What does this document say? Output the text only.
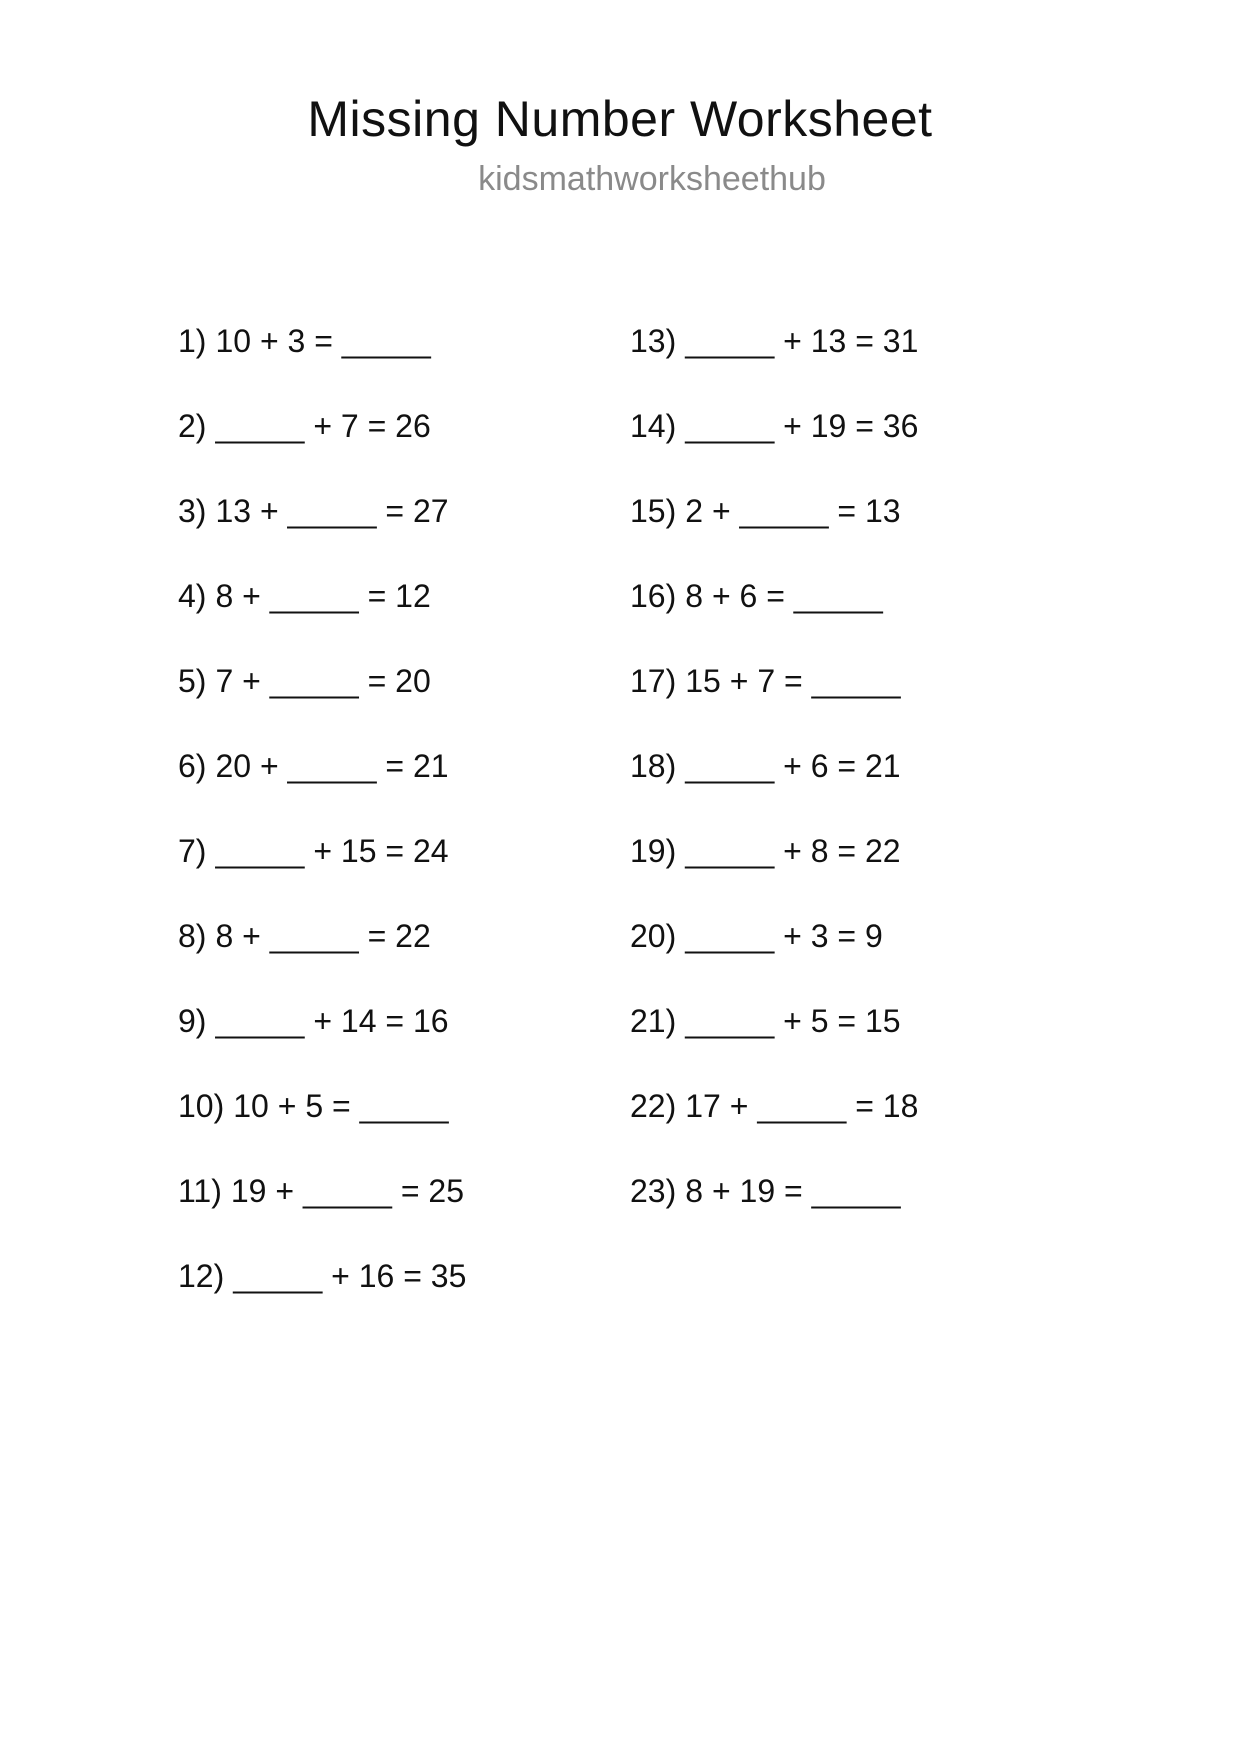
Missing Number Worksheet
kidsmathworksheethub
1) 10 + 3 = _____
2) _____ + 7 = 26
3) 13 + _____ = 27
4) 8 + _____ = 12
5) 7 + _____ = 20
6) 20 + _____ = 21
7) _____ + 15 = 24
8) 8 + _____ = 22
9) _____ + 14 = 16
10) 10 + 5 = _____
11) 19 + _____ = 25
12) _____ + 16 = 35
13) _____ + 13 = 31
14) _____ + 19 = 36
15) 2 + _____ = 13
16) 8 + 6 = _____
17) 15 + 7 = _____
18) _____ + 6 = 21
19) _____ + 8 = 22
20) _____ + 3 = 9
21) _____ + 5 = 15
22) 17 + _____ = 18
23) 8 + 19 = _____
